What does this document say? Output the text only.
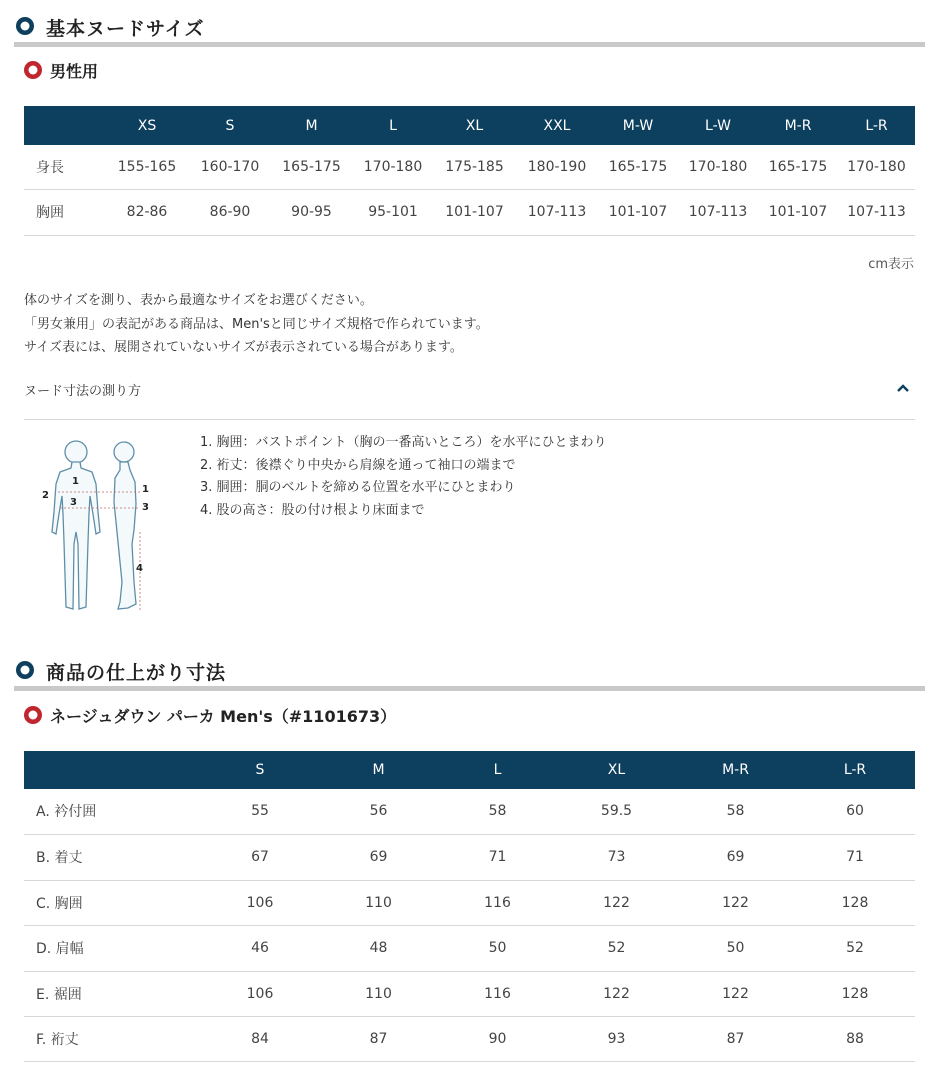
基本ヌードサイズ
男性用
	XS	S	M	L	XL	XXL	M-W	L-W	M-R	L-R
身長	155-165	160-170	165-175	170-180	175-185	180-190	165-175	170-180	165-175	170-180
胸囲	82-86	86-90	90-95	95-101	101-107	107-113	101-107	107-113	101-107	107-113
cm表示
体のサイズを測り、表から最適なサイズをお選びください。
「男女兼用」の表記がある商品は、Men'sと同じサイズ規格で作られています。
サイズ表には、展開されていないサイズが表示されている場合があります。
ヌード寸法の測り方
1
2
3
1
3
4
1. 胸囲：バストポイント（胸の一番高いところ）を水平にひとまわり
2. 裄丈：後襟ぐり中央から肩線を通って袖口の端まで
3. 胴囲：胴のベルトを締める位置を水平にひとまわり
4. 股の高さ：股の付け根より床面まで
商品の仕上がり寸法
ネージュダウン パーカ Men's（#1101673）
	S	M	L	XL	M-R	L-R
A. 衿付囲	55	56	58	59.5	58	60
B. 着丈	67	69	71	73	69	71
C. 胸囲	106	110	116	122	122	128
D. 肩幅	46	48	50	52	50	52
E. 裾囲	106	110	116	122	122	128
F. 裄丈	84	87	90	93	87	88
